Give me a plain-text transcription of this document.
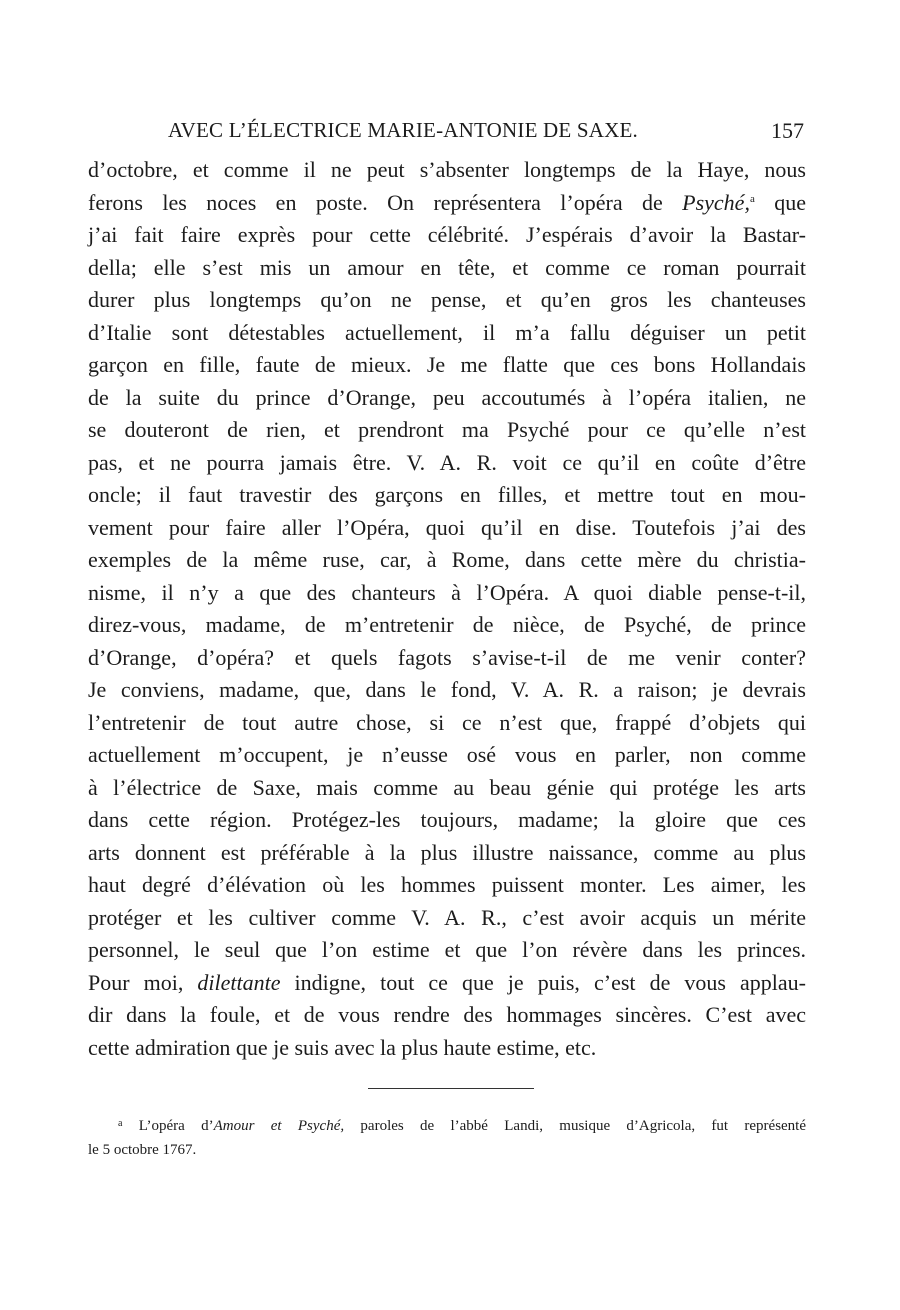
AVEC L’ÉLECTRICE MARIE-ANTONIE DE SAXE.	157
d’octobre, et comme il ne peut s’absenter longtemps de la Haye, nous
ferons les noces en poste. On représentera l’opéra de Psyché,$^a$ que
j’ai fait faire exprès pour cette célébrité. J’espérais d’avoir la Bastar-
della; elle s’est mis un amour en tête, et comme ce roman pourrait
durer plus longtemps qu’on ne pense, et qu’en gros les chanteuses
d’Italie sont détestables actuellement, il m’a fallu déguiser un petit
garçon en fille, faute de mieux. Je me flatte que ces bons Hollandais
de la suite du prince d’Orange, peu accoutumés à l’opéra italien, ne
se douteront de rien, et prendront ma Psyché pour ce qu’elle n’est
pas, et ne pourra jamais être. V. A. R. voit ce qu’il en coûte d’être
oncle; il faut travestir des garçons en filles, et mettre tout en mou-
vement pour faire aller l’Opéra, quoi qu’il en dise. Toutefois j’ai des
exemples de la même ruse, car, à Rome, dans cette mère du christia-
nisme, il n’y a que des chanteurs à l’Opéra. A quoi diable pense-t-il,
direz-vous, madame, de m’entretenir de nièce, de Psyché, de prince
d’Orange, d’opéra? et quels fagots s’avise-t-il de me venir conter?
Je conviens, madame, que, dans le fond, V. A. R. a raison; je devrais
l’entretenir de tout autre chose, si ce n’est que, frappé d’objets qui
actuellement m’occupent, je n’eusse osé vous en parler, non comme
à l’électrice de Saxe, mais comme au beau génie qui protége les arts
dans cette région. Protégez-les toujours, madame; la gloire que ces
arts donnent est préférable à la plus illustre naissance, comme au plus
haut degré d’élévation où les hommes puissent monter. Les aimer, les
protéger et les cultiver comme V. A. R., c’est avoir acquis un mérite
personnel, le seul que l’on estime et que l’on révère dans les princes.
Pour moi, dilettante indigne, tout ce que je puis, c’est de vous applau-
dir dans la foule, et de vous rendre des hommages sincères. C’est avec
cette admiration que je suis avec la plus haute estime, etc.
$^a$ L’opéra d’Amour et Psyché, paroles de l’abbé Landi, musique d’Agricola, fut représenté
le 5 octobre 1767.
